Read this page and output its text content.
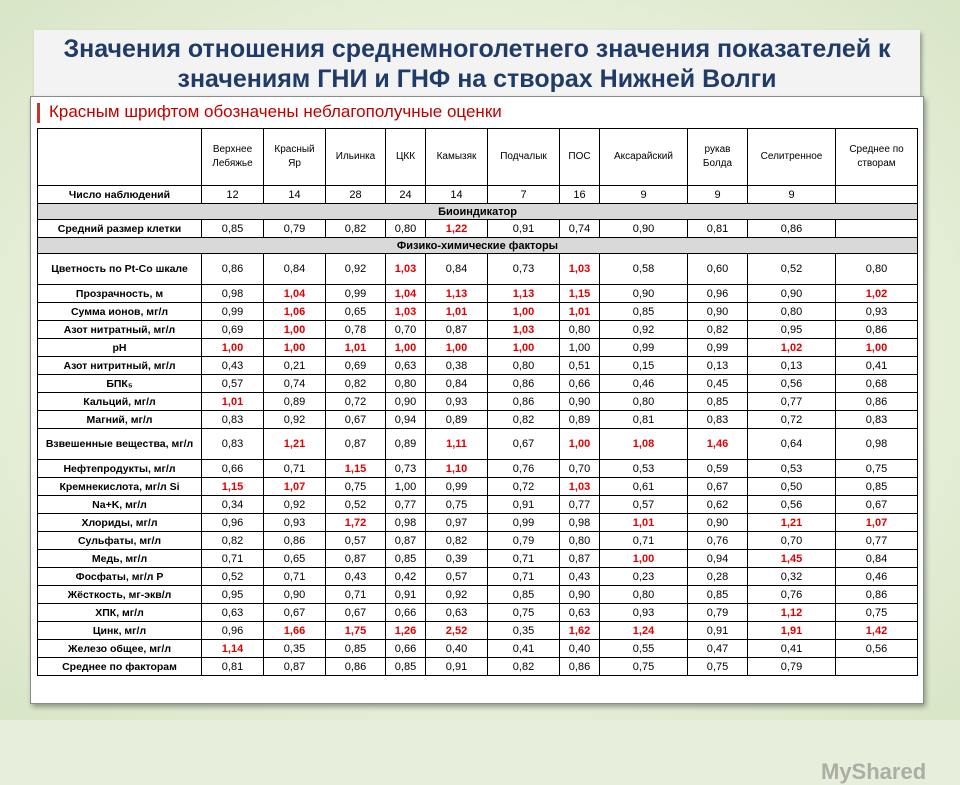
Значения отношения среднемноголетнего значения показателей к значениям ГНИ и ГНФ на створах Нижней Волги
Красным шрифтом обозначены неблагополучные оценки
	Верхнее Лебяжье	Красный Яр	Ильинка	ЦКК	Камызяк	Подчалык	ПОС	Аксарайский	рукав Болда	Селитренное	Среднее по створам
Число наблюдений	12	14	28	24	14	7	16	9	9	9	
Биоиндикатор											
Средний размер клетки	0,85	0,79	0,82	0,80	1,22	0,91	0,74	0,90	0,81	0,86	
Физико-химические факторы											
Цветность по Pt-Co шкале	0,86	0,84	0,92	1,03	0,84	0,73	1,03	0,58	0,60	0,52	0,80
Прозрачность, м	0,98	1,04	0,99	1,04	1,13	1,13	1,15	0,90	0,96	0,90	1,02
Сумма ионов, мг/л	0,99	1,06	0,65	1,03	1,01	1,00	1,01	0,85	0,90	0,80	0,93
Азот нитратный, мг/л	0,69	1,00	0,78	0,70	0,87	1,03	0,80	0,92	0,82	0,95	0,86
pH	1,00	1,00	1,01	1,00	1,00	1,00	1,00	0,99	0,99	1,02	1,00
Азот нитритный, мг/л	0,43	0,21	0,69	0,63	0,38	0,80	0,51	0,15	0,13	0,13	0,41
БПК₅	0,57	0,74	0,82	0,80	0,84	0,86	0,66	0,46	0,45	0,56	0,68
Кальций, мг/л	1,01	0,89	0,72	0,90	0,93	0,86	0,90	0,80	0,85	0,77	0,86
Магний, мг/л	0,83	0,92	0,67	0,94	0,89	0,82	0,89	0,81	0,83	0,72	0,83
Взвешенные вещества, мг/л	0,83	1,21	0,87	0,89	1,11	0,67	1,00	1,08	1,46	0,64	0,98
Нефтепродукты, мг/л	0,66	0,71	1,15	0,73	1,10	0,76	0,70	0,53	0,59	0,53	0,75
Кремнекислота, мг/л Si	1,15	1,07	0,75	1,00	0,99	0,72	1,03	0,61	0,67	0,50	0,85
Na+K, мг/л	0,34	0,92	0,52	0,77	0,75	0,91	0,77	0,57	0,62	0,56	0,67
Хлориды, мг/л	0,96	0,93	1,72	0,98	0,97	0,99	0,98	1,01	0,90	1,21	1,07
Сульфаты, мг/л	0,82	0,86	0,57	0,87	0,82	0,79	0,80	0,71	0,76	0,70	0,77
Медь, мг/л	0,71	0,65	0,87	0,85	0,39	0,71	0,87	1,00	0,94	1,45	0,84
Фосфаты, мг/л P	0,52	0,71	0,43	0,42	0,57	0,71	0,43	0,23	0,28	0,32	0,46
Жёсткость, мг-экв/л	0,95	0,90	0,71	0,91	0,92	0,85	0,90	0,80	0,85	0,76	0,86
ХПК, мг/л	0,63	0,67	0,67	0,66	0,63	0,75	0,63	0,93	0,79	1,12	0,75
Цинк, мг/л	0,96	1,66	1,75	1,26	2,52	0,35	1,62	1,24	0,91	1,91	1,42
Железо общее, мг/л	1,14	0,35	0,85	0,66	0,40	0,41	0,40	0,55	0,47	0,41	0,56
Среднее по факторам	0,81	0,87	0,86	0,85	0,91	0,82	0,86	0,75	0,75	0,79	
MyShared
